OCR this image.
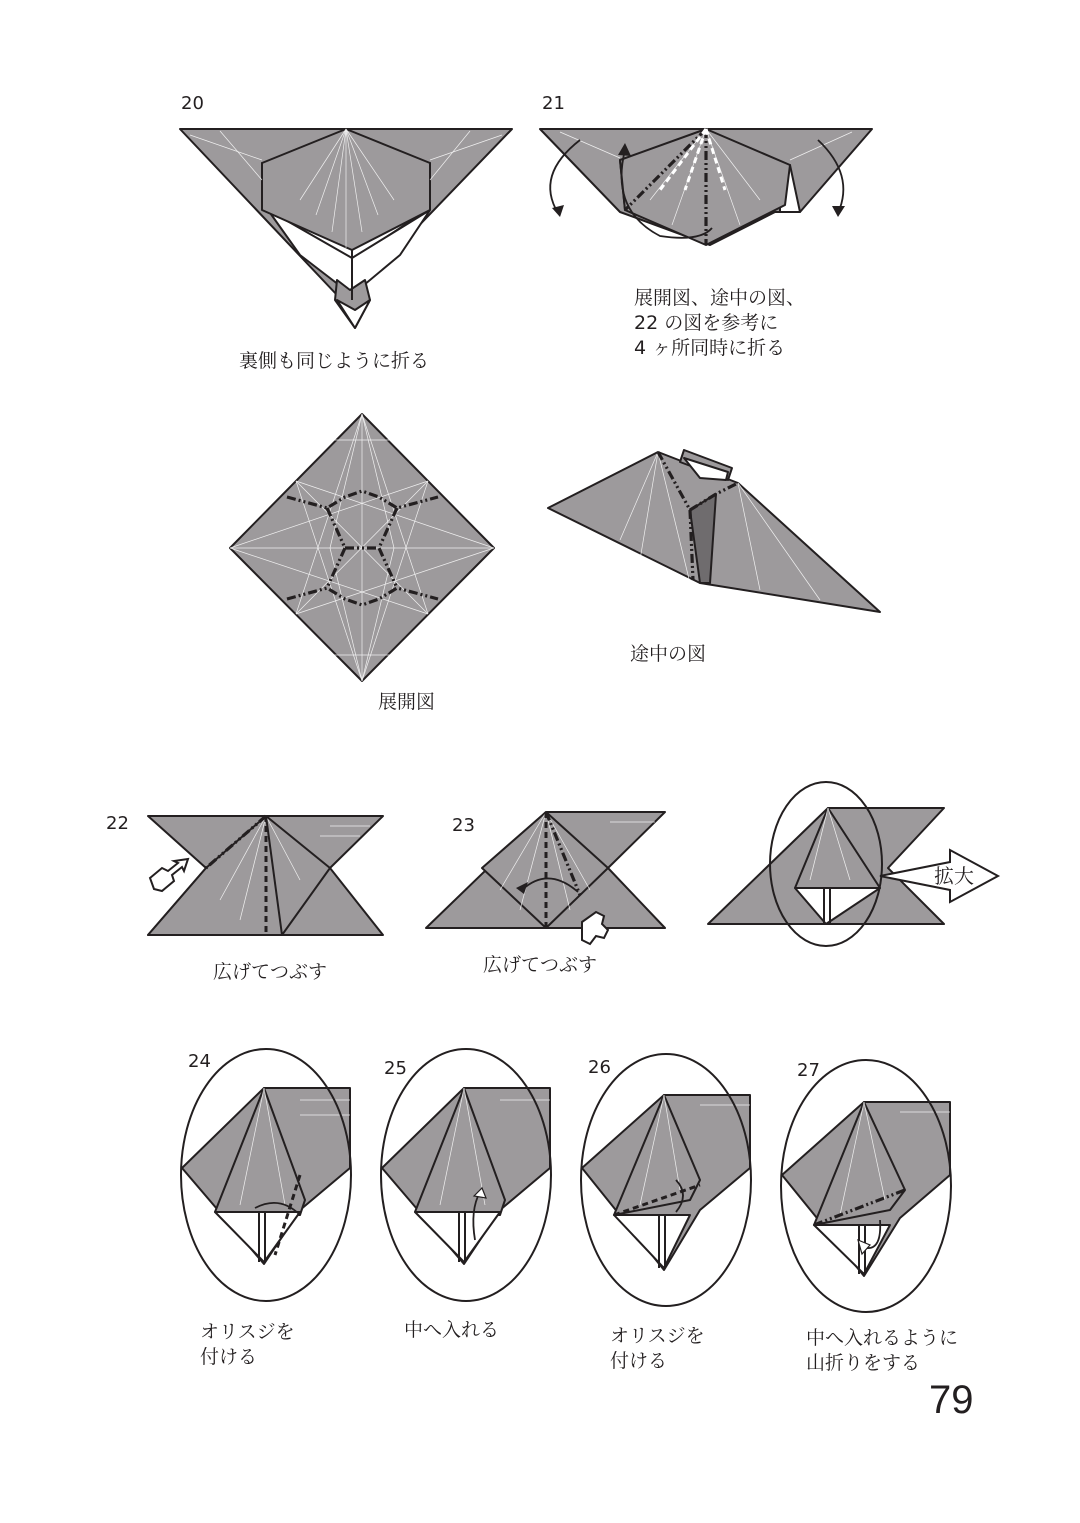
20	21
22	23
24	25	26	27
裏側も同じように折る
展開図、途中の図、
22 の図を参考に
4 ヶ所同時に折る
展開図
途中の図
広げてつぶす	広げてつぶす
拡大
オリスジを
付ける
中へ入れる	オリスジを
付ける
中へ入れるように
山折りをする
79
